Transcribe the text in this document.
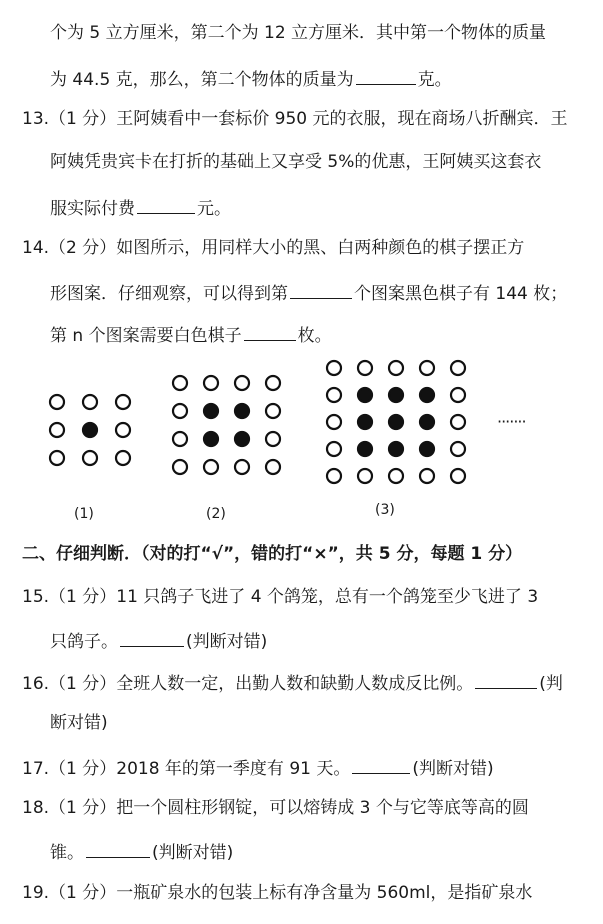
个为 5 立方厘米，第二个为 12 立方厘米．其中第一个物体的质量
为 44.5 克，那么，第二个物体的质量为	克。
13.（1 分）王阿姨看中一套标价 950 元的衣服，现在商场八折酬宾．王
阿姨凭贵宾卡在打折的基础上又享受 5%的优惠，王阿姨买这套衣
服实际付费	元。
14.（2 分）如图所示，用同样大小的黑、白两种颜色的棋子摆正方
形图案．仔细观察，可以得到第	个图案黑色棋子有 144 枚；
第 n 个图案需要白色棋子	枚。
(1)	(2)	(3)
·······
二、仔细判断．（对的打“√”，错的打“×”，共 5 分，每题 1 分）
15.（1 分）11 只鸽子飞进了 4 个鸽笼，总有一个鸽笼至少飞进了 3
只鸽子。	(判断对错)
16.（1 分）全班人数一定，出勤人数和缺勤人数成反比例。	(判
断对错)
17.（1 分）2018 年的第一季度有 91 天。	(判断对错)
18.（1 分）把一个圆柱形钢锭，可以熔铸成 3 个与它等底等高的圆
锥。	(判断对错)
19.（1 分）一瓶矿泉水的包装上标有净含量为 560ml，是指矿泉水
